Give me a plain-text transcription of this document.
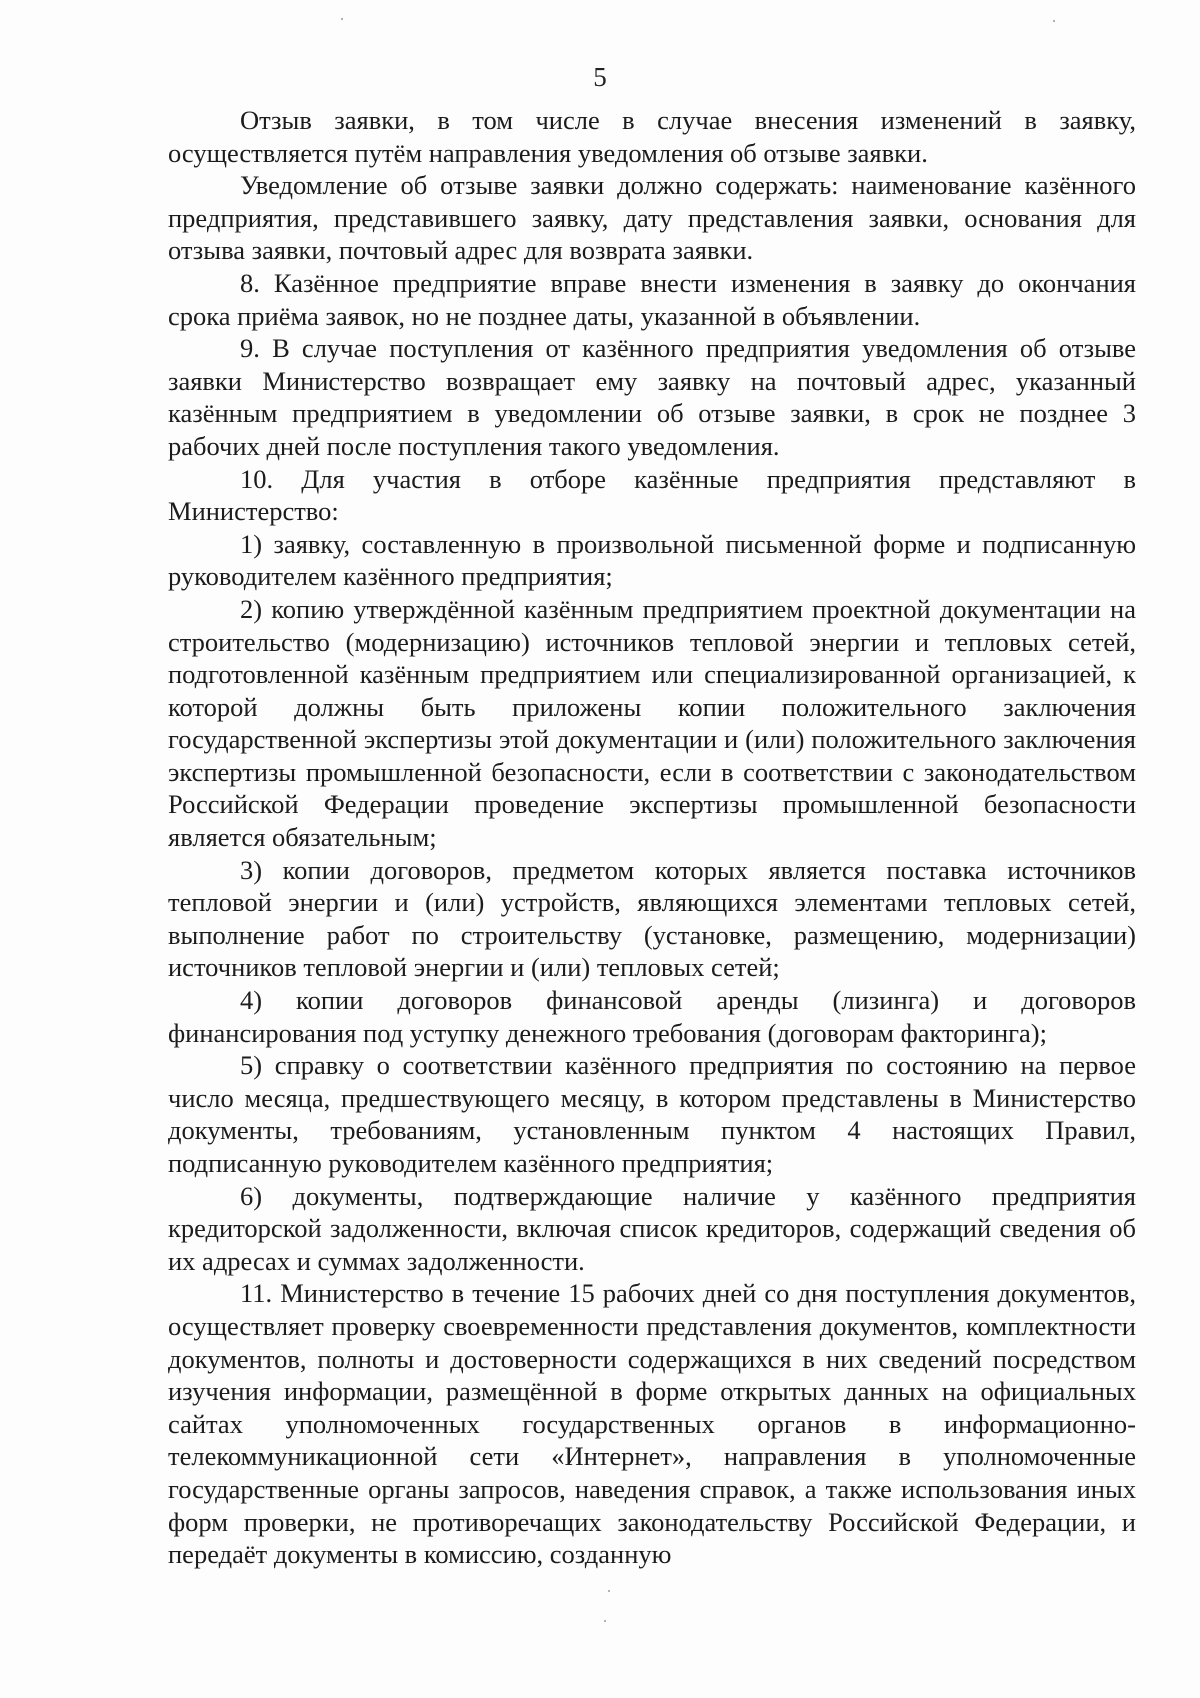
5

Отзыв заявки, в том числе в случае внесения изменений в заявку, осуществляется путём направления уведомления об отзыве заявки.

Уведомление об отзыве заявки должно содержать: наименование казённого предприятия, представившего заявку, дату представления заявки, основания для отзыва заявки, почтовый адрес для возврата заявки.

8. Казённое предприятие вправе внести изменения в заявку до окончания срока приёма заявок, но не позднее даты, указанной в объявлении.

9. В случае поступления от казённого предприятия уведомления об отзыве заявки Министерство возвращает ему заявку на почтовый адрес, указанный казённым предприятием в уведомлении об отзыве заявки, в срок не позднее 3 рабочих дней после поступления такого уведомления.

10. Для участия в отборе казённые предприятия представляют в Министерство:

1) заявку, составленную в произвольной письменной форме и подписанную руководителем казённого предприятия;

2) копию утверждённой казённым предприятием проектной документации на строительство (модернизацию) источников тепловой энергии и тепловых сетей, подготовленной казённым предприятием или специализированной организацией, к которой должны быть приложены копии положительного заключения государственной экспертизы этой документации и (или) положительного заключения экспертизы промышленной безопасности, если в соответствии с законодательством Российской Федерации проведение экспертизы промышленной безопасности является обязательным;

3) копии договоров, предметом которых является поставка источников тепловой энергии и (или) устройств, являющихся элементами тепловых сетей, выполнение работ по строительству (установке, размещению, модернизации) источников тепловой энергии и (или) тепловых сетей;

4) копии договоров финансовой аренды (лизинга) и договоров финансирования под уступку денежного требования (договорам факторинга);

5) справку о соответствии казённого предприятия по состоянию на первое число месяца, предшествующего месяцу, в котором представлены в Министерство документы, требованиям, установленным пунктом 4 настоящих Правил, подписанную руководителем казённого предприятия;

6) документы, подтверждающие наличие у казённого предприятия кредиторской задолженности, включая список кредиторов, содержащий сведения об их адресах и суммах задолженности.

11. Министерство в течение 15 рабочих дней со дня поступления документов, осуществляет проверку своевременности представления документов, комплектности документов, полноты и достоверности содержащихся в них сведений посредством изучения информации, размещённой в форме открытых данных на официальных сайтах уполномоченных государственных органов в информационно-телекоммуникационной сети «Интернет», направления в уполномоченные государственные органы запросов, наведения справок, а также использования иных форм проверки, не противоречащих законодательству Российской Федерации, и передаёт документы в комиссию, созданную
